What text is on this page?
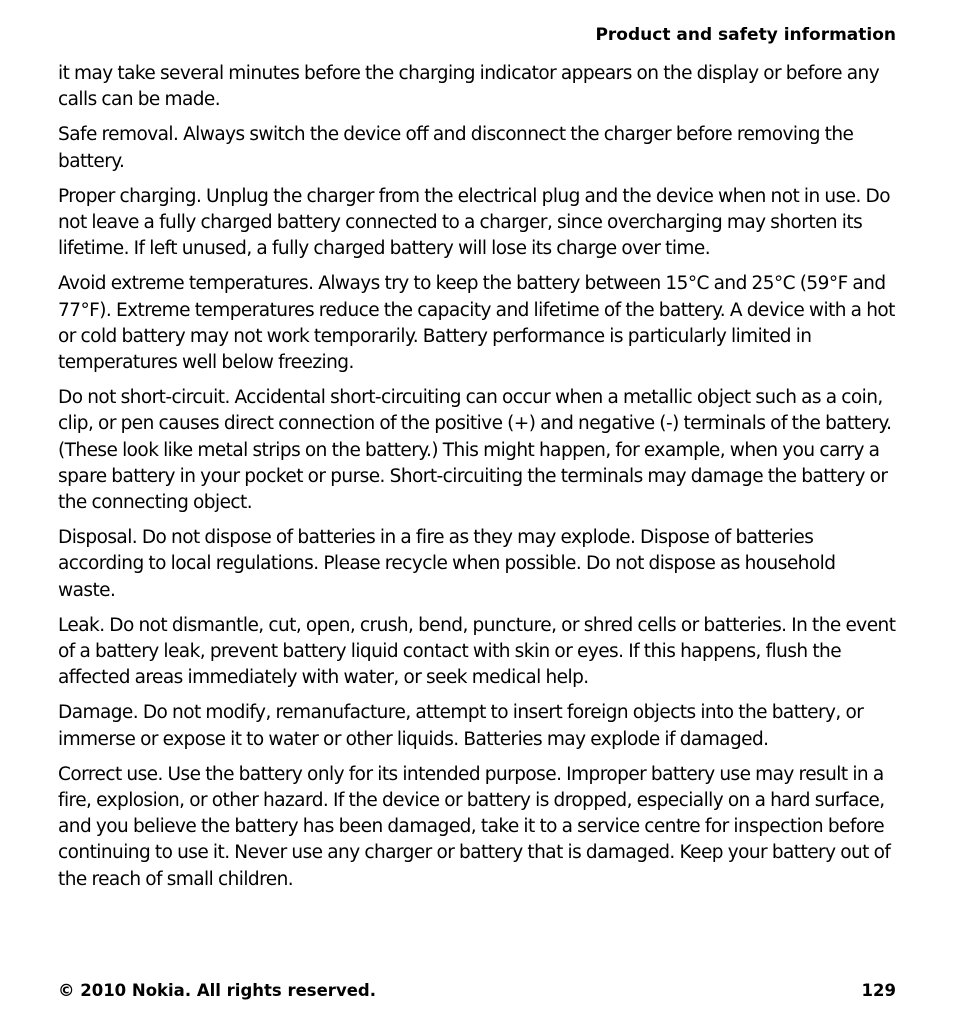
Product and safety information

it may take several minutes before the charging indicator appears on the display or before any calls can be made.

Safe removal. Always switch the device off and disconnect the charger before removing the battery.

Proper charging. Unplug the charger from the electrical plug and the device when not in use. Do not leave a fully charged battery connected to a charger, since overcharging may shorten its lifetime. If left unused, a fully charged battery will lose its charge over time.

Avoid extreme temperatures. Always try to keep the battery between 15°C and 25°C (59°F and 77°F). Extreme temperatures reduce the capacity and lifetime of the battery. A device with a hot or cold battery may not work temporarily. Battery performance is particularly limited in temperatures well below freezing.

Do not short-circuit. Accidental short-circuiting can occur when a metallic object such as a coin, clip, or pen causes direct connection of the positive (+) and negative (-) terminals of the battery. (These look like metal strips on the battery.) This might happen, for example, when you carry a spare battery in your pocket or purse. Short-circuiting the terminals may damage the battery or the connecting object.

Disposal. Do not dispose of batteries in a fire as they may explode. Dispose of batteries according to local regulations. Please recycle when possible. Do not dispose as household waste.

Leak. Do not dismantle, cut, open, crush, bend, puncture, or shred cells or batteries. In the event of a battery leak, prevent battery liquid contact with skin or eyes. If this happens, flush the affected areas immediately with water, or seek medical help.

Damage. Do not modify, remanufacture, attempt to insert foreign objects into the battery, or immerse or expose it to water or other liquids. Batteries may explode if damaged.

Correct use. Use the battery only for its intended purpose. Improper battery use may result in a fire, explosion, or other hazard. If the device or battery is dropped, especially on a hard surface, and you believe the battery has been damaged, take it to a service centre for inspection before continuing to use it. Never use any charger or battery that is damaged. Keep your battery out of the reach of small children.

© 2010 Nokia. All rights reserved.	129
